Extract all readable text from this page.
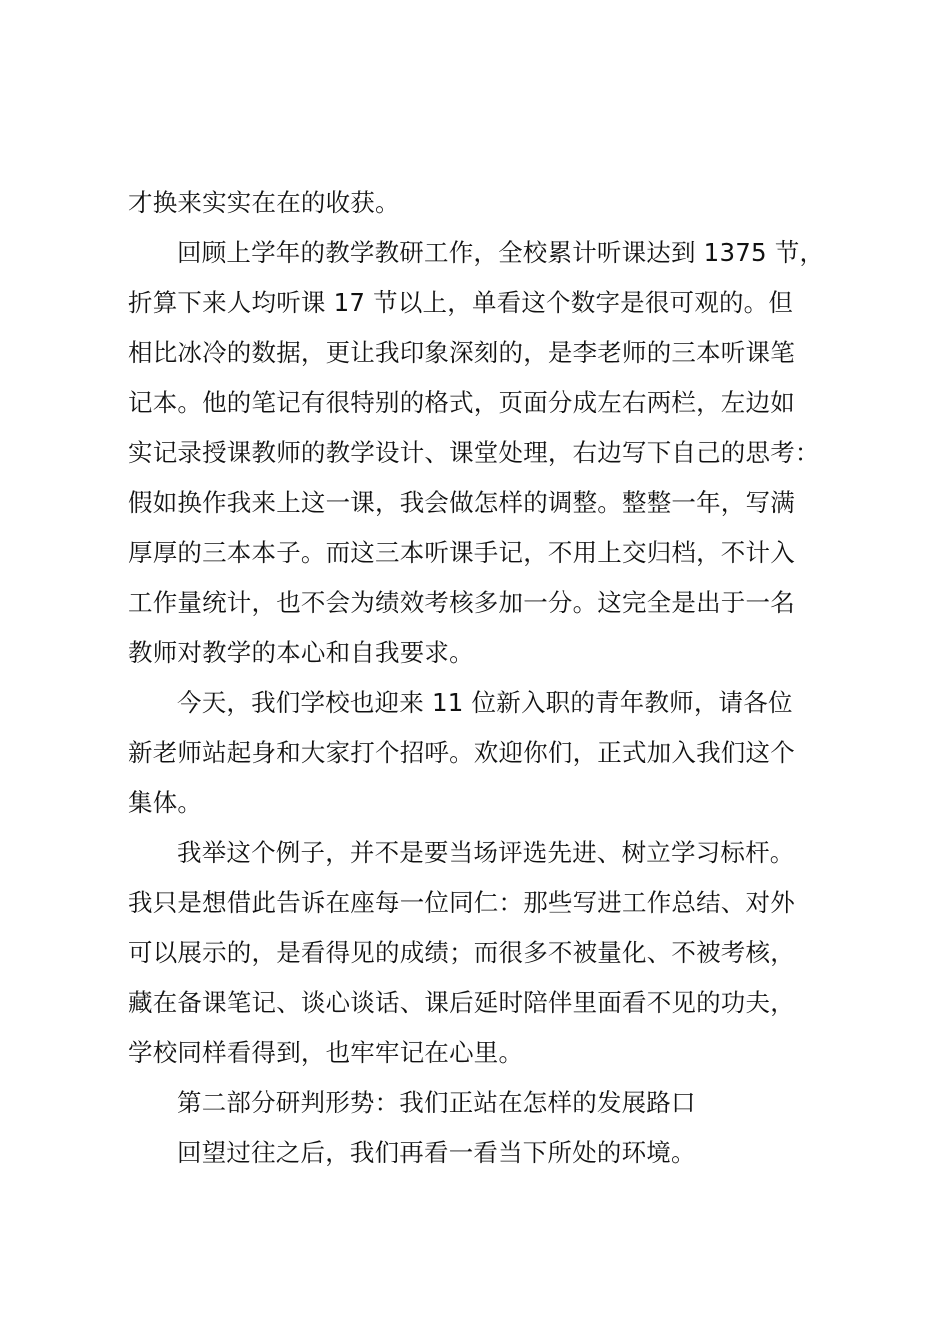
才换来实实在在的收获。
回顾上学年的教学教研工作，全校累计听课达到 1375 节，
折算下来人均听课 17 节以上，单看这个数字是很可观的。但
相比冰冷的数据，更让我印象深刻的，是李老师的三本听课笔
记本。他的笔记有很特别的格式，页面分成左右两栏，左边如
实记录授课教师的教学设计、课堂处理，右边写下自己的思考：
假如换作我来上这一课，我会做怎样的调整。整整一年，写满
厚厚的三本本子。而这三本听课手记，不用上交归档，不计入
工作量统计，也不会为绩效考核多加一分。这完全是出于一名
教师对教学的本心和自我要求。
今天，我们学校也迎来 11 位新入职的青年教师，请各位
新老师站起身和大家打个招呼。欢迎你们，正式加入我们这个
集体。
我举这个例子，并不是要当场评选先进、树立学习标杆。
我只是想借此告诉在座每一位同仁：那些写进工作总结、对外
可以展示的，是看得见的成绩；而很多不被量化、不被考核，
藏在备课笔记、谈心谈话、课后延时陪伴里面看不见的功夫，
学校同样看得到，也牢牢记在心里。
第二部分研判形势：我们正站在怎样的发展路口
回望过往之后，我们再看一看当下所处的环境。
